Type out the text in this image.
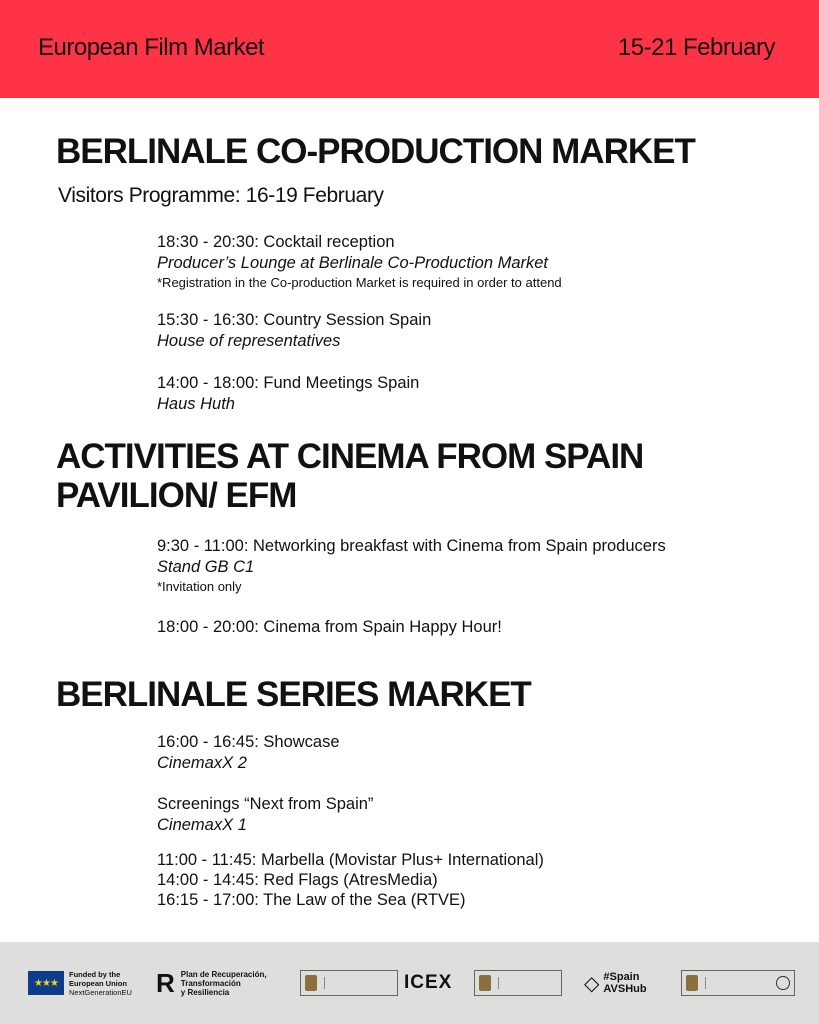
European Film Market	15-21 February
BERLINALE CO-PRODUCTION MARKET
Visitors Programme: 16-19 February
18:30 - 20:30: Cocktail reception
Producer’s Lounge at Berlinale Co-Production Market
*Registration in the Co-production Market is required in order to attend
15:30 - 16:30: Country Session Spain
House of representatives
14:00 - 18:00: Fund Meetings Spain
Haus Huth
ACTIVITIES AT CINEMA FROM SPAIN
PAVILION/ EFM
9:30 - 11:00: Networking breakfast with Cinema from Spain producers
Stand GB C1
*Invitation only
18:00 - 20:00: Cinema from Spain Happy Hour!
BERLINALE SERIES MARKET
16:00 - 16:45: Showcase
CinemaxX 2
Screenings “Next from Spain”
CinemaxX 1
11:00 - 11:45: Marbella (Movistar Plus+ International)
14:00 - 14:45: Red Flags (AtresMedia)
16:15 - 17:00: The Law of the Sea (RTVE)
★★★
Funded by the
European Union
NextGenerationEU R Plan de Recuperación,
Transformación
y Resiliencia	ICEX	◇ #Spain
AVSHub
